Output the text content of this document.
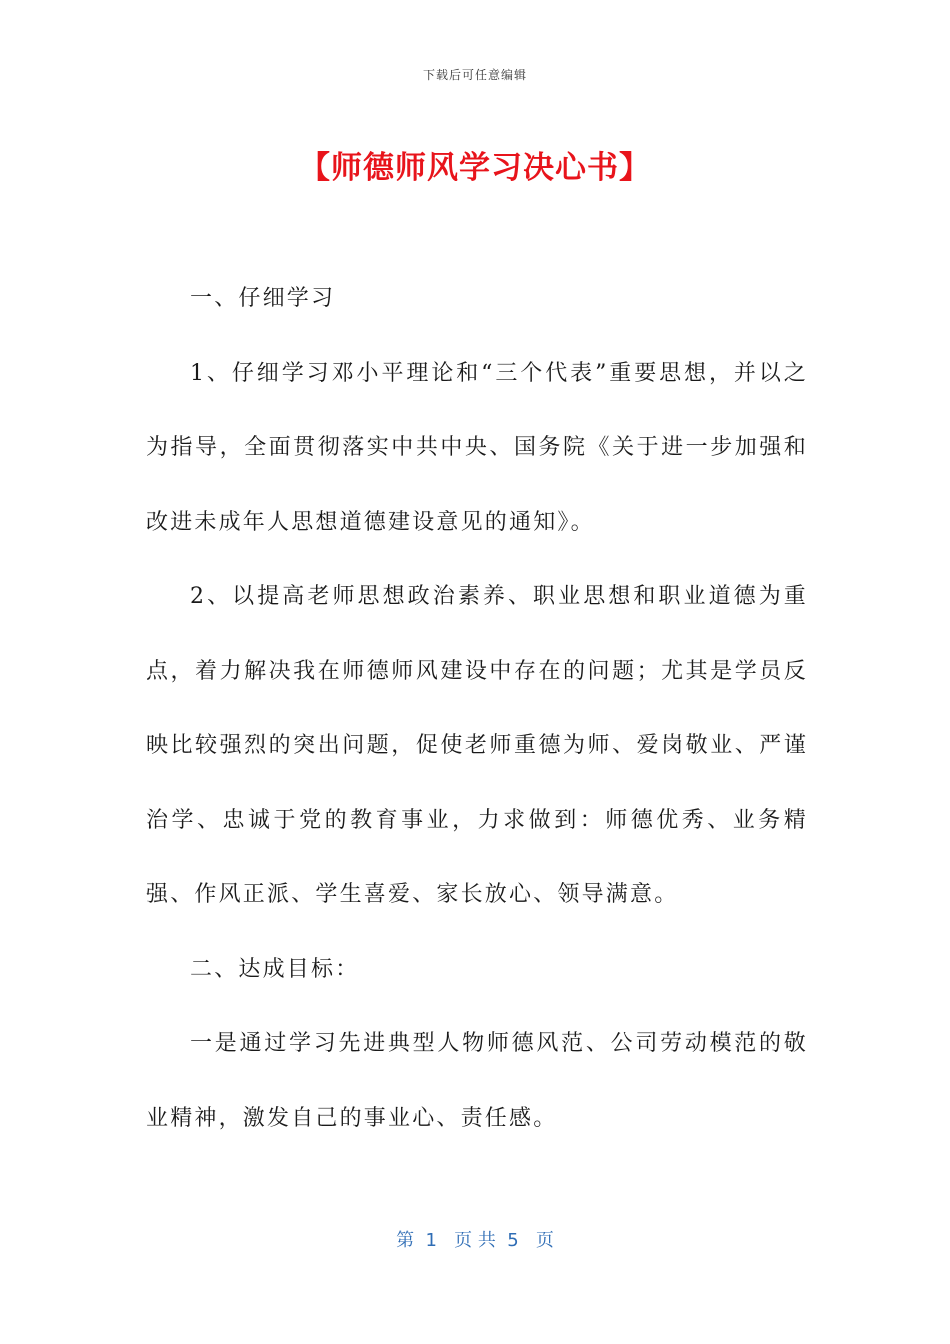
下载后可任意编辑
【师德师风学习决心书】

一、仔细学习

1、仔细学习邓小平理论和“三个代表”重要思想，并以之为指导，全面贯彻落实中共中央、国务院《关于进一步加强和改进未成年人思想道德建设意见的通知》。

2、以提高老师思想政治素养、职业思想和职业道德为重点，着力解决我在师德师风建设中存在的问题；尤其是学员反映比较强烈的突出问题，促使老师重德为师、爱岗敬业、严谨治学、忠诚于党的教育事业，力求做到：师德优秀、业务精强、作风正派、学生喜爱、家长放心、领导满意。

二、达成目标：

一是通过学习先进典型人物师德风范、公司劳动模范的敬业精神，激发自己的事业心、责任感。

第  1   页 共  5   页
